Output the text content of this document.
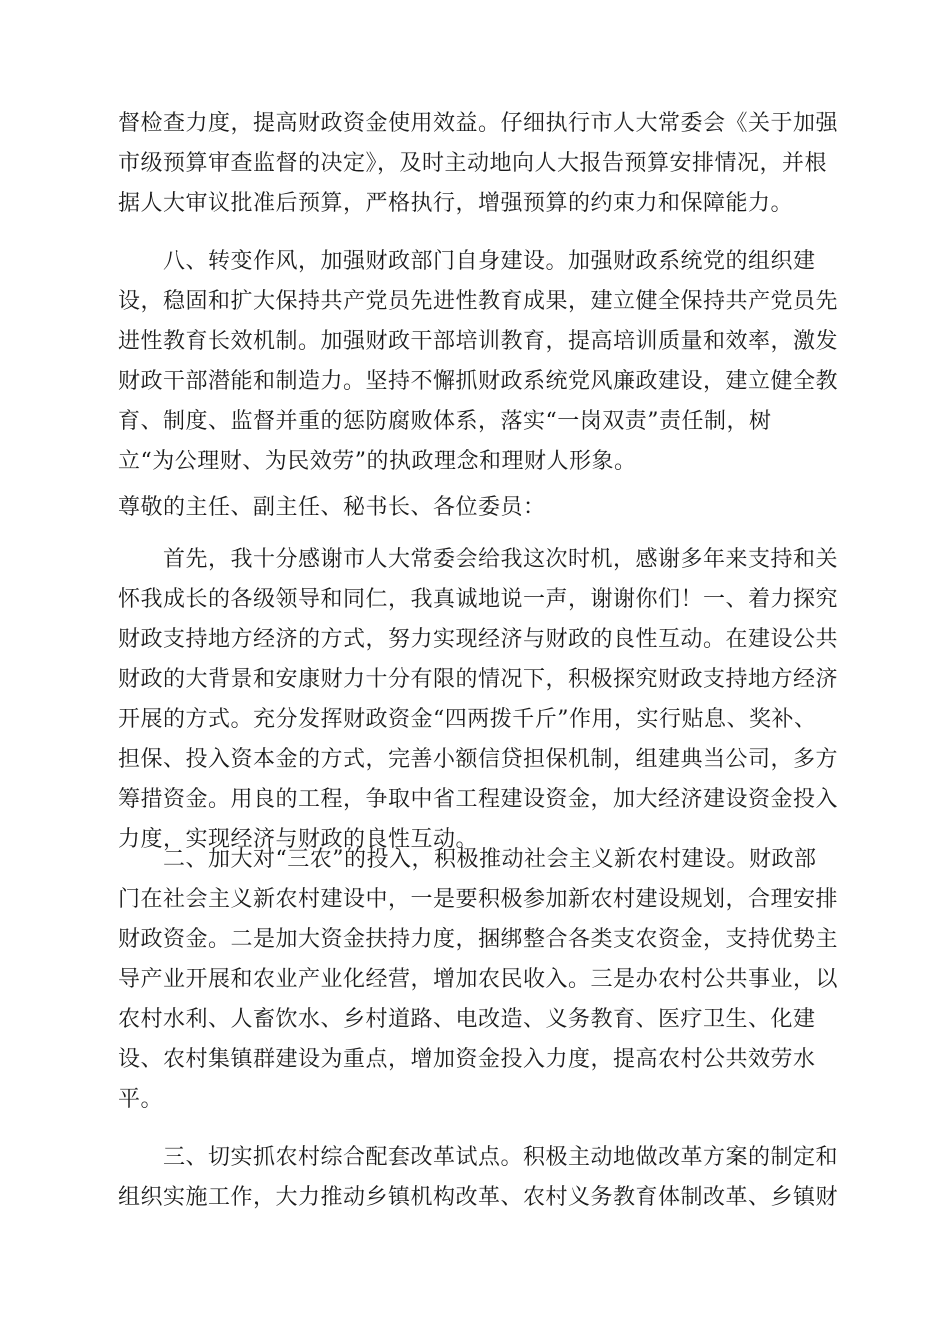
督检查力度，提高财政资金使用效益。仔细执行市人大常委会《关于加强
市级预算审查监督的决定》，及时主动地向人大报告预算安排情况，并根
据人大审议批准后预算，严格执行，增强预算的约束力和保障能力。
　　八、转变作风，加强财政部门自身建设。加强财政系统党的组织建
设，稳固和扩大保持共产党员先进性教育成果，建立健全保持共产党员先
进性教育长效机制。加强财政干部培训教育，提高培训质量和效率，激发
财政干部潜能和制造力。坚持不懈抓财政系统党风廉政建设，建立健全教
育、制度、监督并重的惩防腐败体系，落实“一岗双责”责任制，树
立“为公理财、为民效劳”的执政理念和理财人形象。
尊敬的主任、副主任、秘书长、各位委员：
　　首先，我十分感谢市人大常委会给我这次时机，感谢多年来支持和关
怀我成长的各级领导和同仁，我真诚地说一声，谢谢你们！一、着力探究
财政支持地方经济的方式，努力实现经济与财政的良性互动。在建设公共
财政的大背景和安康财力十分有限的情况下，积极探究财政支持地方经济
开展的方式。充分发挥财政资金“四两拨千斤”作用，实行贴息、奖补、
担保、投入资本金的方式，完善小额信贷担保机制，组建典当公司，多方
筹措资金。用良的工程，争取中省工程建设资金，加大经济建设资金投入
力度，实现经济与财政的良性互动。
　　二、加大对“三农”的投入，积极推动社会主义新农村建设。财政部
门在社会主义新农村建设中，一是要积极参加新农村建设规划，合理安排
财政资金。二是加大资金扶持力度，捆绑整合各类支农资金，支持优势主
导产业开展和农业产业化经营，增加农民收入。三是办农村公共事业，以
农村水利、人畜饮水、乡村道路、电改造、义务教育、医疗卫生、化建
设、农村集镇群建设为重点，增加资金投入力度，提高农村公共效劳水
平。
　　三、切实抓农村综合配套改革试点。积极主动地做改革方案的制定和
组织实施工作，大力推动乡镇机构改革、农村义务教育体制改革、乡镇财
